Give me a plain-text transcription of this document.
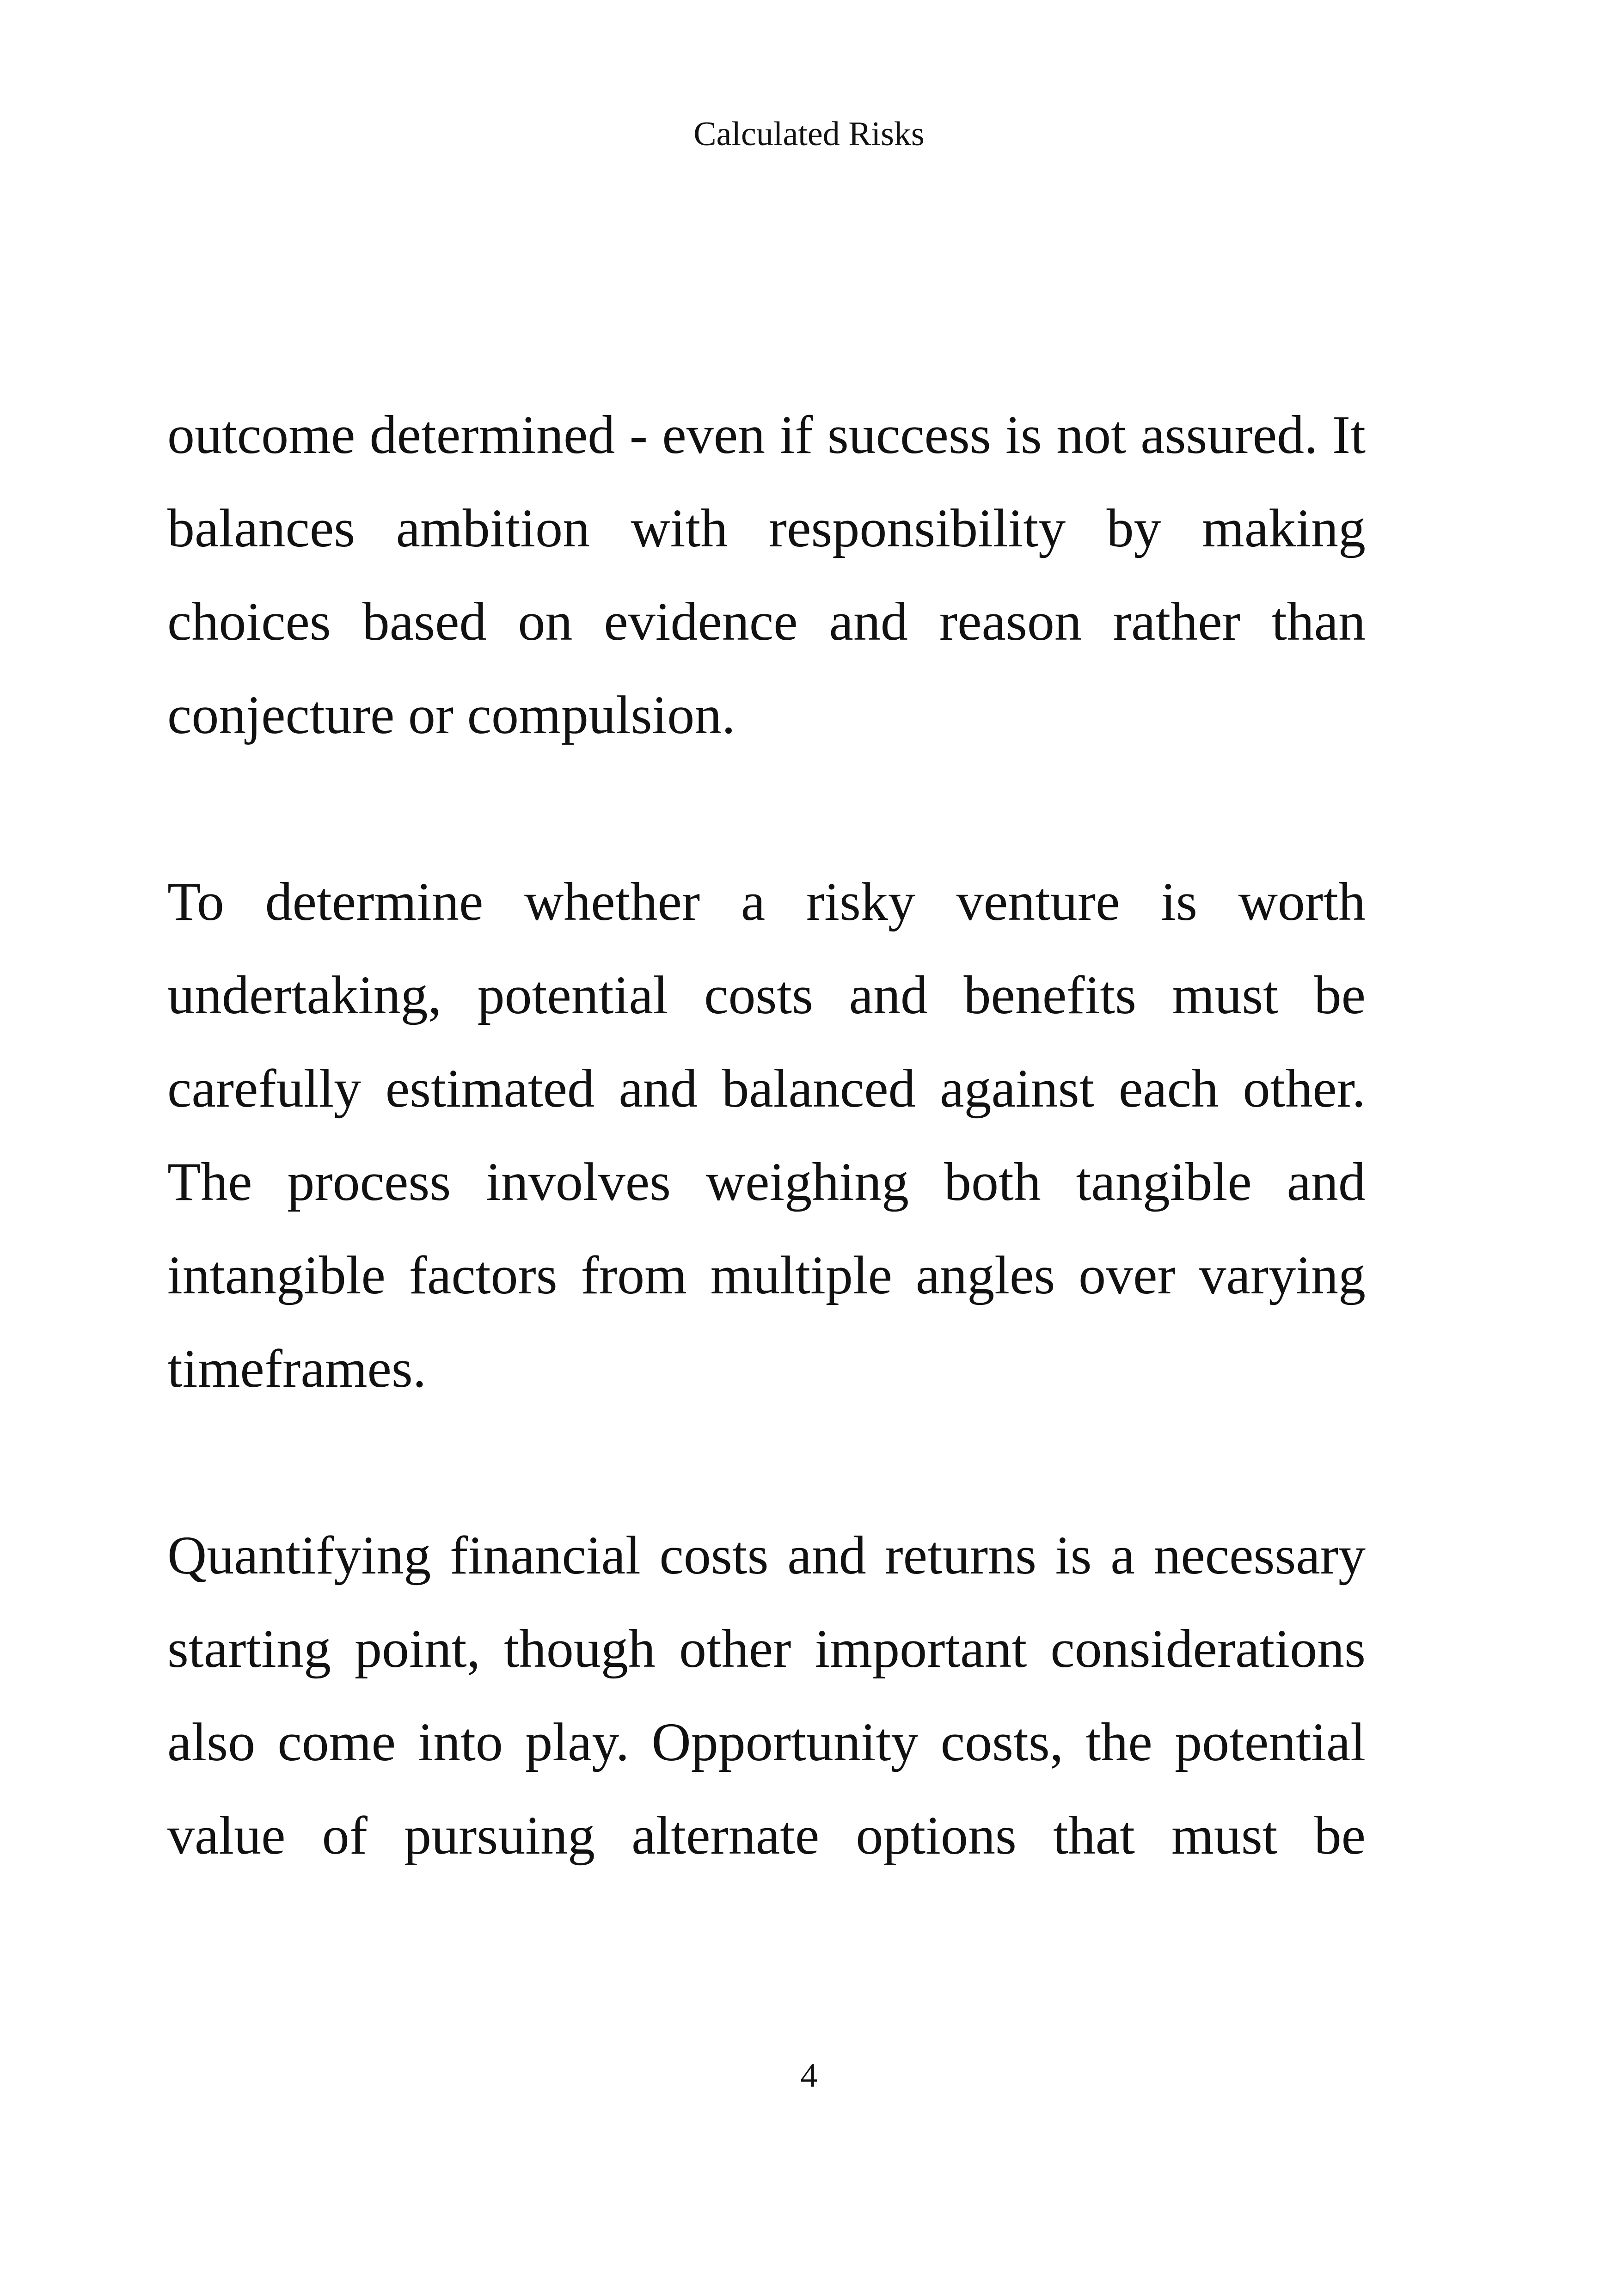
Calculated Risks

outcome determined - even if success is not assured. It balances ambition with responsibility by making choices based on evidence and reason rather than conjecture or compulsion.

To determine whether a risky venture is worth undertaking, potential costs and benefits must be carefully estimated and balanced against each other. The process involves weighing both tangible and intangible factors from multiple angles over varying timeframes.

Quantifying financial costs and returns is a necessary starting point, though other important considerations also come into play. Opportunity costs, the potential value of pursuing alternate options that must be

4
